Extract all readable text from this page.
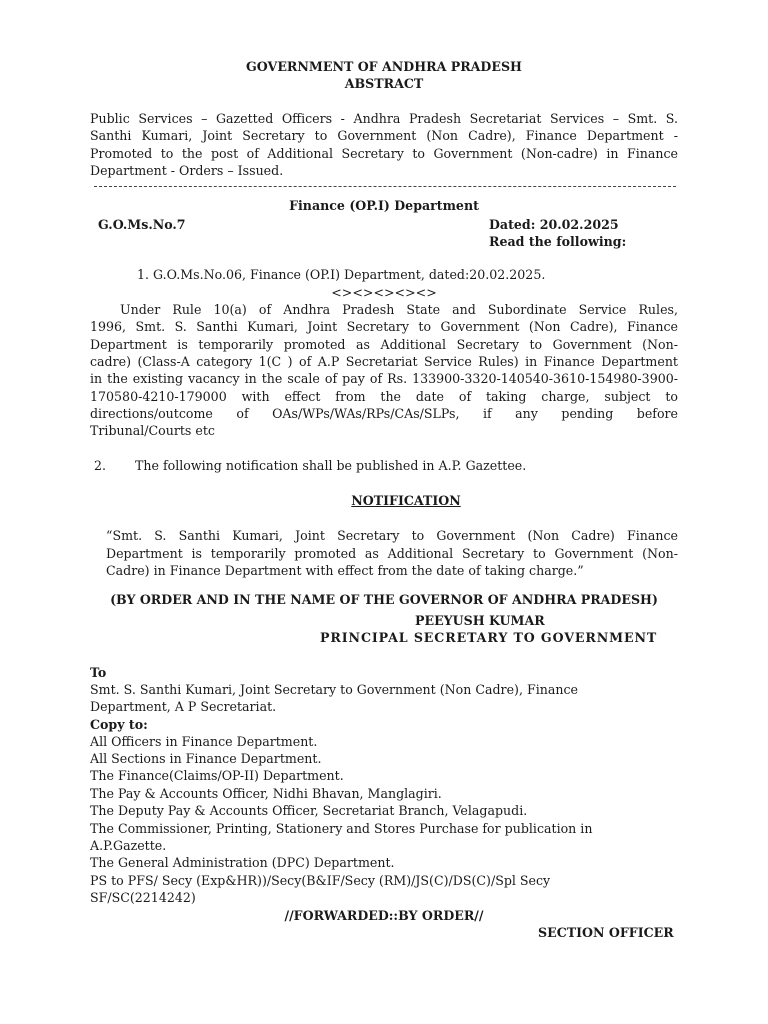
GOVERNMENT OF ANDHRA PRADESH
ABSTRACT
Public Services – Gazetted Officers - Andhra Pradesh Secretariat Services – Smt. S.
Santhi Kumari, Joint Secretary to Government (Non Cadre), Finance Department -
Promoted to the post of Additional Secretary to Government (Non-cadre) in Finance
Department - Orders – Issued.
Finance (OP.I) Department
G.O.Ms.No.7	Dated: 20.02.2025
Read the following:
1. G.O.Ms.No.06, Finance (OP.I) Department, dated:20.02.2025.
<><><><><>
Under Rule 10(a) of Andhra Pradesh State and Subordinate Service Rules,
1996, Smt. S. Santhi Kumari, Joint Secretary to Government (Non Cadre), Finance
Department is temporarily promoted as Additional Secretary to Government (Non-
cadre) (Class-A category 1(C ) of A.P Secretariat Service Rules) in Finance Department
in the existing vacancy in the scale of pay of Rs. 133900-3320-140540-3610-154980-3900-
170580-4210-179000 with effect from the date of taking charge, subject to
directions/outcome of OAs/WPs/WAs/RPs/CAs/SLPs, if any pending before
Tribunal/Courts etc
2. The following notification shall be published in A.P. Gazettee.
NOTIFICATION
“Smt. S. Santhi Kumari, Joint Secretary to Government (Non Cadre) Finance
Department is temporarily promoted as Additional Secretary to Government (Non-
Cadre) in Finance Department with effect from the date of taking charge.”
(BY ORDER AND IN THE NAME OF THE GOVERNOR OF ANDHRA PRADESH)
PEEYUSH KUMAR
PRINCIPAL SECRETARY TO GOVERNMENT
To
Smt. S. Santhi Kumari, Joint Secretary to Government (Non Cadre), Finance
Department, A P Secretariat.
Copy to:
All Officers in Finance Department.
All Sections in Finance Department.
The Finance(Claims/OP-II) Department.
The Pay & Accounts Officer, Nidhi Bhavan, Manglagiri.
The Deputy Pay & Accounts Officer, Secretariat Branch, Velagapudi.
The Commissioner, Printing, Stationery and Stores Purchase for publication in
A.P.Gazette.
The General Administration (DPC) Department.
PS to PFS/ Secy (Exp&HR))/Secy(B&IF/Secy (RM)/JS(C)/DS(C)/Spl Secy
SF/SC(2214242)
//FORWARDED::BY ORDER//
SECTION OFFICER
